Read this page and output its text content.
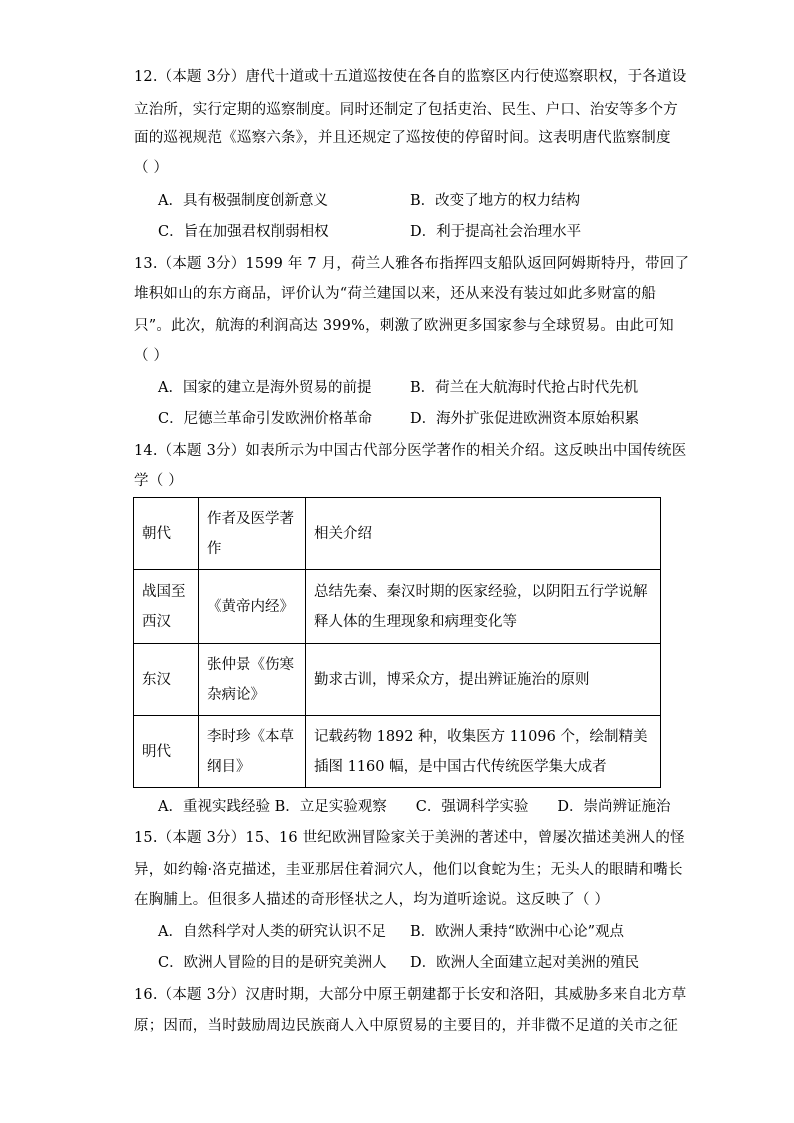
12.（本题 3分）唐代十道或十五道巡按使在各自的监察区内行使巡察职权，于各道设
立治所，实行定期的巡察制度。同时还制定了包括吏治、民生、户口、治安等多个方
面的巡视规范《巡察六条》，并且还规定了巡按使的停留时间。这表明唐代监察制度
（ ）
A．具有极强制度创新意义	B．改变了地方的权力结构
C．旨在加强君权削弱相权	D．利于提高社会治理水平
13.（本题 3分）1599 年 7 月，荷兰人雅各布指挥四支船队返回阿姆斯特丹，带回了
堆积如山的东方商品，评价认为“荷兰建国以来，还从来没有装过如此多财富的船
只”。此次，航海的利润高达 399%，刺激了欧洲更多国家参与全球贸易。由此可知
（ ）
A．国家的建立是海外贸易的前提	B．荷兰在大航海时代抢占时代先机
C．尼德兰革命引发欧洲价格革命	D．海外扩张促进欧洲资本原始积累
14.（本题 3分）如表所示为中国古代部分医学著作的相关介绍。这反映出中国传统医
学（ ）
朝代	作者及医学著作	相关介绍
战国至西汉	《黄帝内经》	总结先秦、秦汉时期的医家经验，以阴阳五行学说解释人体的生理现象和病理变化等
东汉	张仲景《伤寒杂病论》	勤求古训，博采众方，提出辨证施治的原则
明代	李时珍《本草纲目》	记载药物 1892 种，收集医方 11096 个，绘制精美插图 1160 幅，是中国古代传统医学集大成者
A．重视实践经验 B．立足实验观察　　C．强调科学实验　　D．崇尚辨证施治
15.（本题 3分）15、16 世纪欧洲冒险家关于美洲的著述中，曾屡次描述美洲人的怪
异，如约翰·洛克描述，圭亚那居住着洞穴人，他们以食蛇为生；无头人的眼睛和嘴长
在胸脯上。但很多人描述的奇形怪状之人，均为道听途说。这反映了（ ）
A．自然科学对人类的研究认识不足 B．欧洲人秉持“欧洲中心论”观点
C．欧洲人冒险的目的是研究美洲人 D．欧洲人全面建立起对美洲的殖民
16.（本题 3分）汉唐时期，大部分中原王朝建都于长安和洛阳，其威胁多来自北方草
原；因而，当时鼓励周边民族商人入中原贸易的主要目的，并非微不足道的关市之征
